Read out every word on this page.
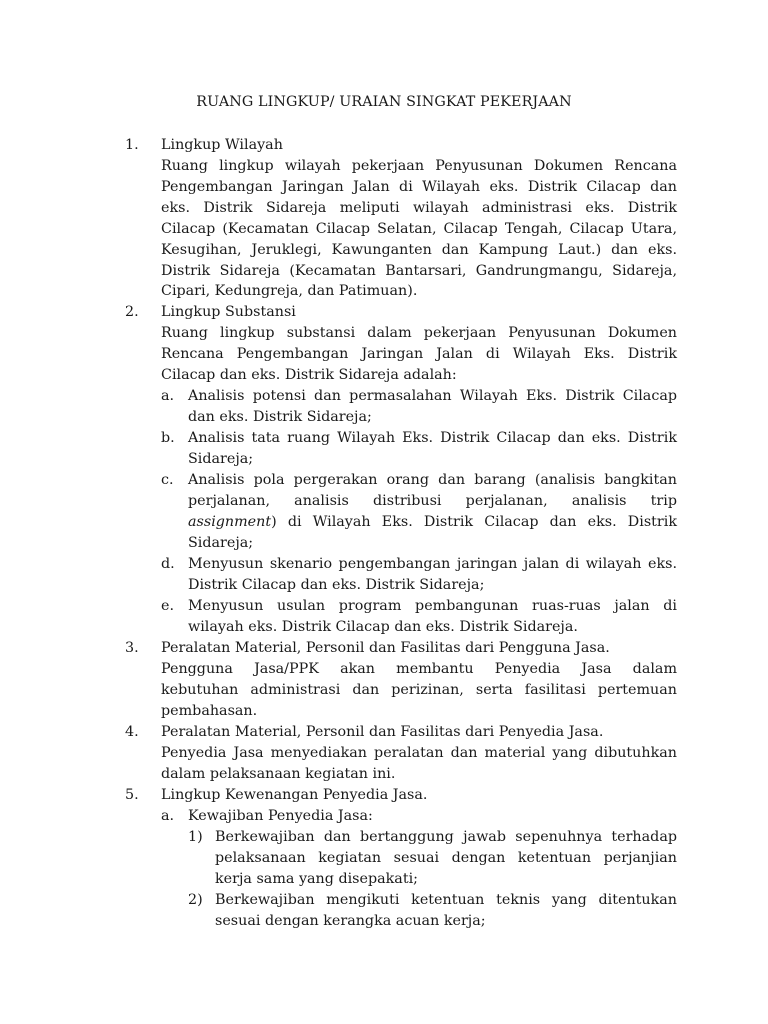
RUANG LINGKUP/ URAIAN SINGKAT PEKERJAAN
1. Lingkup Wilayah
Ruang lingkup wilayah pekerjaan Penyusunan Dokumen Rencana
Pengembangan Jaringan Jalan di Wilayah eks. Distrik Cilacap dan
eks. Distrik Sidareja meliputi wilayah administrasi eks. Distrik
Cilacap (Kecamatan Cilacap Selatan, Cilacap Tengah, Cilacap Utara,
Kesugihan, Jeruklegi, Kawunganten dan Kampung Laut.) dan eks.
Distrik Sidareja (Kecamatan Bantarsari, Gandrungmangu, Sidareja,
Cipari, Kedungreja, dan Patimuan).
2. Lingkup Substansi
Ruang lingkup substansi dalam pekerjaan Penyusunan Dokumen
Rencana Pengembangan Jaringan Jalan di Wilayah Eks. Distrik
Cilacap dan eks. Distrik Sidareja adalah:
a. Analisis potensi dan permasalahan Wilayah Eks. Distrik Cilacap
dan eks. Distrik Sidareja;
b. Analisis tata ruang Wilayah Eks. Distrik Cilacap dan eks. Distrik
Sidareja;
c. Analisis pola pergerakan orang dan barang (analisis bangkitan
perjalanan, analisis distribusi perjalanan, analisis trip
assignment) di Wilayah Eks. Distrik Cilacap dan eks. Distrik
Sidareja;
d. Menyusun skenario pengembangan jaringan jalan di wilayah eks.
Distrik Cilacap dan eks. Distrik Sidareja;
e. Menyusun usulan program pembangunan ruas-ruas jalan di
wilayah eks. Distrik Cilacap dan eks. Distrik Sidareja.
3. Peralatan Material, Personil dan Fasilitas dari Pengguna Jasa.
Pengguna Jasa/PPK akan membantu Penyedia Jasa dalam
kebutuhan administrasi dan perizinan, serta fasilitasi pertemuan
pembahasan.
4. Peralatan Material, Personil dan Fasilitas dari Penyedia Jasa.
Penyedia Jasa menyediakan peralatan dan material yang dibutuhkan
dalam pelaksanaan kegiatan ini.
5. Lingkup Kewenangan Penyedia Jasa.
a. Kewajiban Penyedia Jasa:
1) Berkewajiban dan bertanggung jawab sepenuhnya terhadap
pelaksanaan kegiatan sesuai dengan ketentuan perjanjian
kerja sama yang disepakati;
2) Berkewajiban mengikuti ketentuan teknis yang ditentukan
sesuai dengan kerangka acuan kerja;
